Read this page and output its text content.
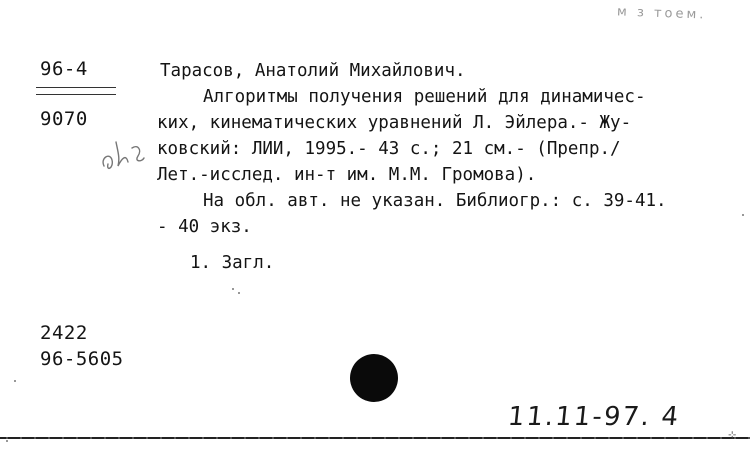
м з тоем.
96-4
9070
Тарасов, Анатолий Михайлович.
Алгоритмы получения решений для динамичес-
ких, кинематических уравнений Л. Эйлера.- Жу-
ковский: ЛИИ, 1995.- 43 с.; 21 см.- (Препр./
Лет.-исслед. ин-т им. М.М. Громова).
На обл. авт. не указан. Библиогр.: с. 39-41.
- 40 экз.
1. Загл.
2422
96-5605
11.11-97. 4
⊹
